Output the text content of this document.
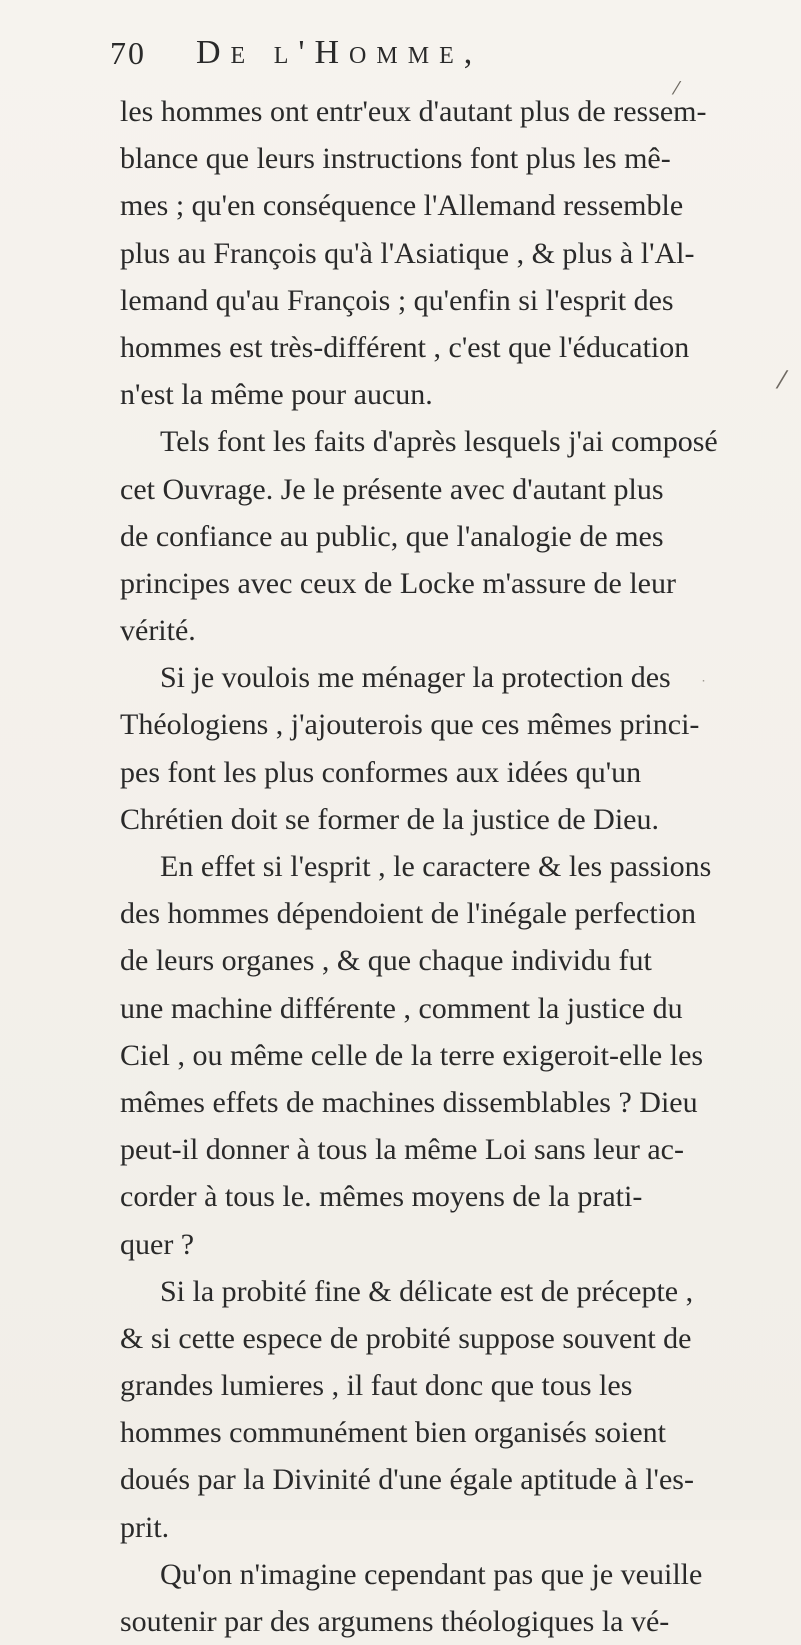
70	De l'Homme,
les hommes ont entr'eux d'autant plus de ressem-
blance que leurs instructions font plus les mê-
mes ; qu'en conséquence l'Allemand ressemble
plus au François qu'à l'Asiatique , & plus à l'Al-
lemand qu'au François ; qu'enfin si l'esprit des
hommes est très-différent , c'est que l'éducation
n'est la même pour aucun.
Tels font les faits d'après lesquels j'ai composé
cet Ouvrage. Je le présente avec d'autant plus
de confiance au public, que l'analogie de mes
principes avec ceux de Locke m'assure de leur
vérité.
Si je voulois me ménager la protection des
Théologiens , j'ajouterois que ces mêmes princi-
pes font les plus conformes aux idées qu'un
Chrétien doit se former de la justice de Dieu.
En effet si l'esprit , le caractere & les passions
des hommes dépendoient de l'inégale perfection
de leurs organes , & que chaque individu fut
une machine différente , comment la justice du
Ciel , ou même celle de la terre exigeroit-elle les
mêmes effets de machines dissemblables ? Dieu
peut-il donner à tous la même Loi sans leur ac-
corder à tous le. mêmes moyens de la prati-
quer ?
Si la probité fine & délicate est de précepte ,
& si cette espece de probité suppose souvent de
grandes lumieres , il faut donc que tous les
hommes communément bien organisés soient
doués par la Divinité d'une égale aptitude à l'es-
prit.
Qu'on n'imagine cependant pas que je veuille
soutenir par des argumens théologiques la vé-
⁄
⁄
˙
